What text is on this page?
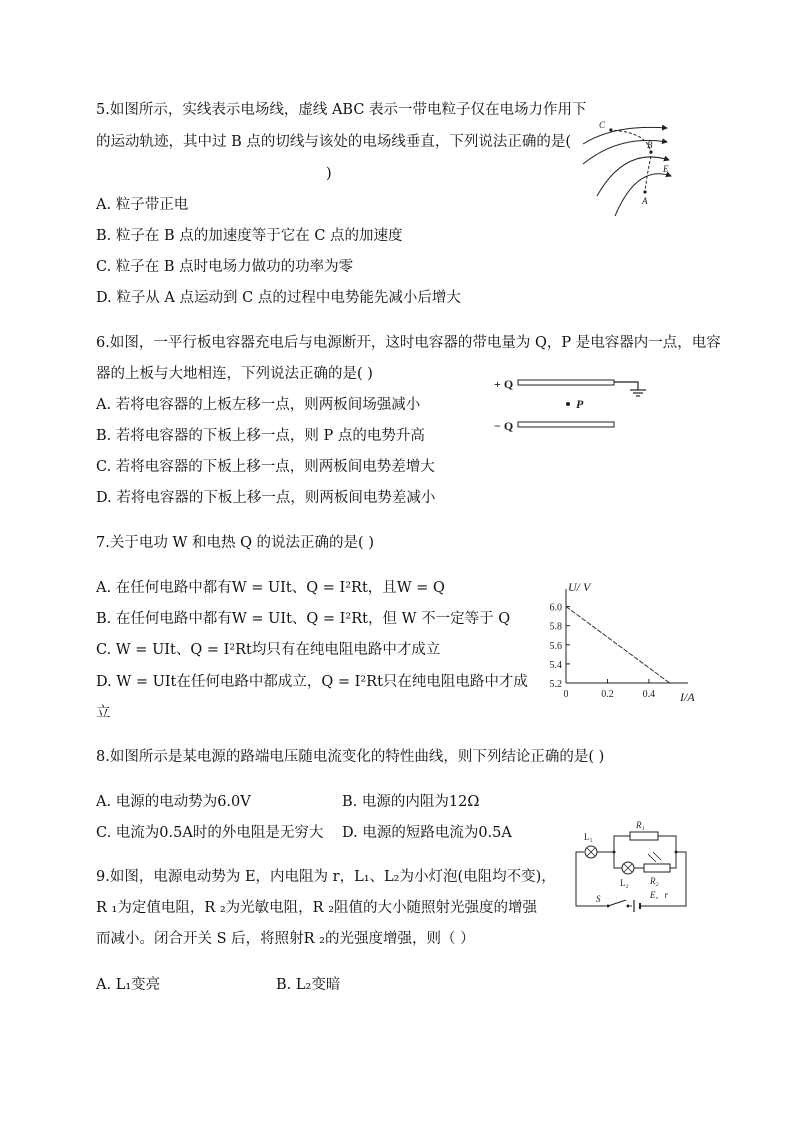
5.如图所示，实线表示电场线，虚线 ABC 表示一带电粒子仅在电场力作用下
的运动轨迹，其中过 B 点的切线与该处的电场线垂直，下列说法正确的是(
)
A. 粒子带正电
B. 粒子在 B 点的加速度等于它在 C 点的加速度
C. 粒子在 B 点时电场力做功的功率为零
D. 粒子从 A 点运动到 C 点的过程中电势能先减小后增大
C
B
E
A
6.如图，一平行板电容器充电后与电源断开，这时电容器的带电量为 Q，P 是电容器内一点，电容
器的上板与大地相连，下列说法正确的是( )
A. 若将电容器的上板左移一点，则两板间场强减小
B. 若将电容器的下板上移一点，则 P 点的电势升高
C. 若将电容器的下板上移一点，则两板间电势差增大
D. 若将电容器的下板上移一点，则两板间电势差减小
+ Q
P
− Q
7.关于电功 W 和电热 Q 的说法正确的是( )
A. 在任何电路中都有W = UIt、Q = I²Rt，且W = Q
B. 在任何电路中都有W = UIt、Q = I²Rt，但 W 不一定等于 Q
C. W = UIt、Q = I²Rt均只有在纯电阻电路中才成立
D. W = UIt在任何电路中都成立，Q = I²Rt只在纯电阻电路中才成
立
5.2
5.4
5.6
5.8
6.0
0	0.2	0.4
U/ V
I/A
8.如图所示是某电源的路端电压随电流变化的特性曲线，则下列结论正确的是( )
A. 电源的电动势为6.0V	B. 电源的内阻为12Ω
C. 电流为0.5A时的外电阻是无穷大 D. 电源的短路电流为0.5A
S	E，r
L₁
R₁
L₂ R₂
9.如图，电源电动势为 E，内电阻为 r，L₁、L₂为小灯泡(电阻均不变)，
R ₁为定值电阻，R ₂为光敏电阻，R ₂阻值的大小随照射光强度的增强
而减小。闭合开关 S 后，将照射R ₂的光强度增强，则（ ）
A. L₁变亮	B. L₂变暗
